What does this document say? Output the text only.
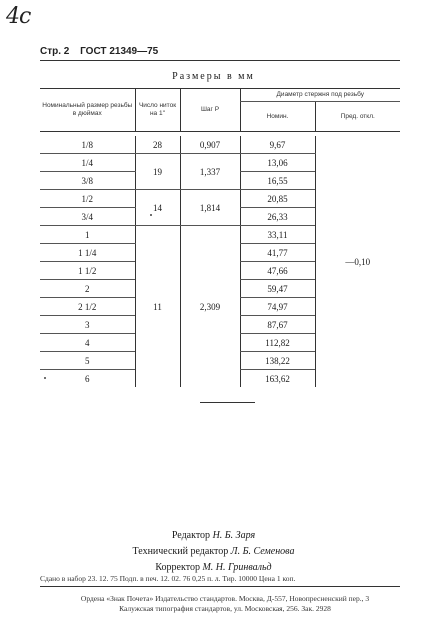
4с
Стр. 2 ГОСТ 21349—75
Размеры в мм
Номинальный размер резьбы в дюймах	Число ниток на 1''	Шаг P	Диаметр стержня под резьбу	
			Номин.	Пред. откл.

1/8	28	0,907	9,67	—0,10
1/4	19	1,337	13,06	
3/8			16,55	
1/2	14	1,814	20,85	
3/4			26,33	
1	11	2,309	33,11	
1 1/4			41,77	
1 1/2			47,66	
2			59,47	
2 1/2			74,97	
3			87,67	
4			112,82	
5			138,22	
6			163,62	
Редактор Н. Б. Заря
Технический редактор Л. Б. Семенова
Корректор М. Н. Гринвальд
Сдано в набор 23. 12. 75 Подп. в печ. 12. 02. 76 0,25 п. л. Тир. 10000 Цена 1 коп.
Ордена «Знак Почета» Издательство стандартов. Москва, Д-557, Новопресненский пер., 3
Калужская типография стандартов, ул. Московская, 256. Зак. 2928
